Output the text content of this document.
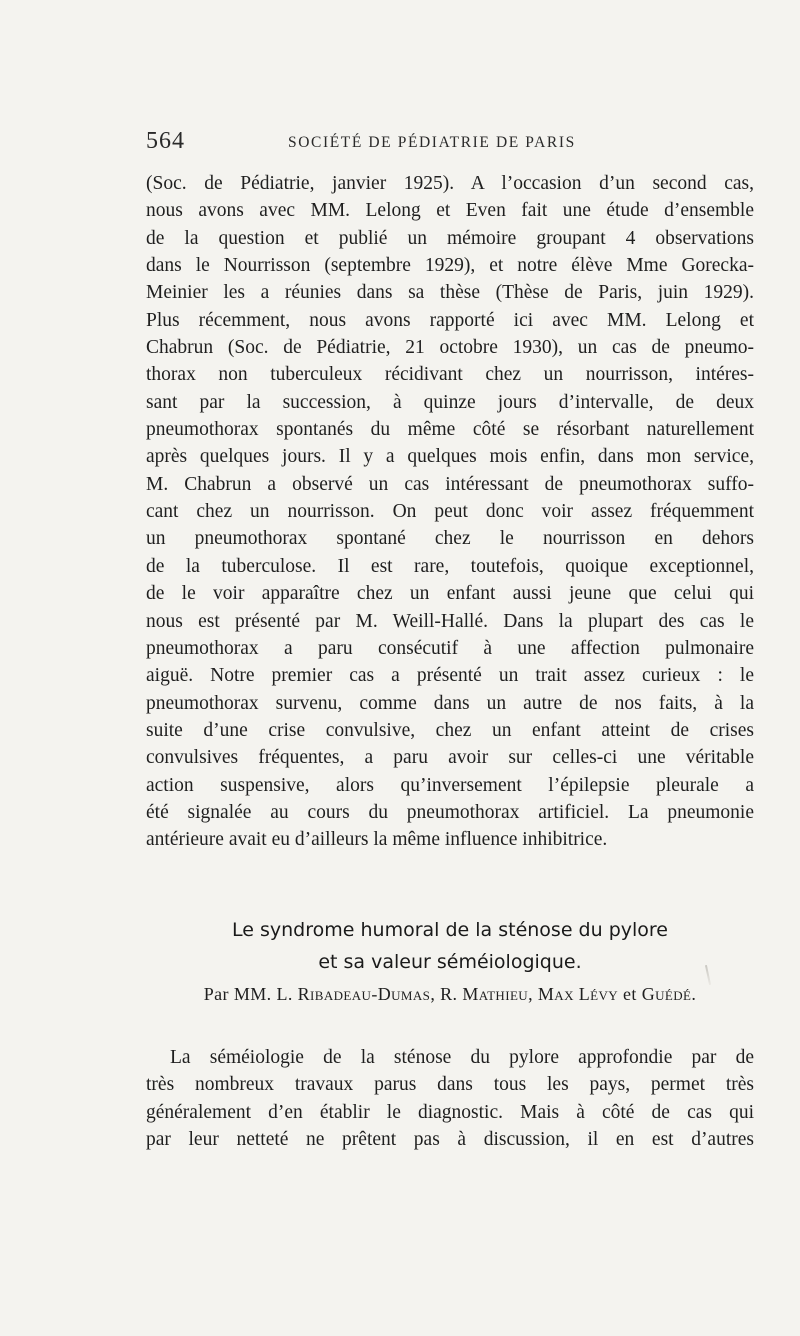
564	SOCIÉTÉ DE PÉDIATRIE DE PARIS
(Soc. de Pédiatrie, janvier 1925). A l’occasion d’un second cas,
nous avons avec MM. Lelong et Even fait une étude d’ensemble
de la question et publié un mémoire groupant 4 observations
dans le Nourrisson (septembre 1929), et notre élève Mme Gorecka-
Meinier les a réunies dans sa thèse (Thèse de Paris, juin 1929).
Plus récemment, nous avons rapporté ici avec MM. Lelong et
Chabrun (Soc. de Pédiatrie, 21 octobre 1930), un cas de pneumo-
thorax non tuberculeux récidivant chez un nourrisson, intéres-
sant par la succession, à quinze jours d’intervalle, de deux
pneumothorax spontanés du même côté se résorbant naturellement
après quelques jours. Il y a quelques mois enfin, dans mon service,
M. Chabrun a observé un cas intéressant de pneumothorax suffo-
cant chez un nourrisson. On peut donc voir assez fréquemment
un pneumothorax spontané chez le nourrisson en dehors
de la tuberculose. Il est rare, toutefois, quoique exceptionnel,
de le voir apparaître chez un enfant aussi jeune que celui qui
nous est présenté par M. Weill-Hallé. Dans la plupart des cas le
pneumothorax a paru consécutif à une affection pulmonaire
aiguë. Notre premier cas a présenté un trait assez curieux : le
pneumothorax survenu, comme dans un autre de nos faits, à la
suite d’une crise convulsive, chez un enfant atteint de crises
convulsives fréquentes, a paru avoir sur celles-ci une véritable
action suspensive, alors qu’inversement l’épilepsie pleurale a
été signalée au cours du pneumothorax artificiel. La pneumonie
antérieure avait eu d’ailleurs la même influence inhibitrice.
Le syndrome humoral de la sténose du pylore
et sa valeur séméiologique.
Par MM. L. Ribadeau-Dumas, R. Mathieu, Max Lévy et Guédé.
La séméiologie de la sténose du pylore approfondie par de
très nombreux travaux parus dans tous les pays, permet très
généralement d’en établir le diagnostic. Mais à côté de cas qui
par leur netteté ne prêtent pas à discussion, il en est d’autres
